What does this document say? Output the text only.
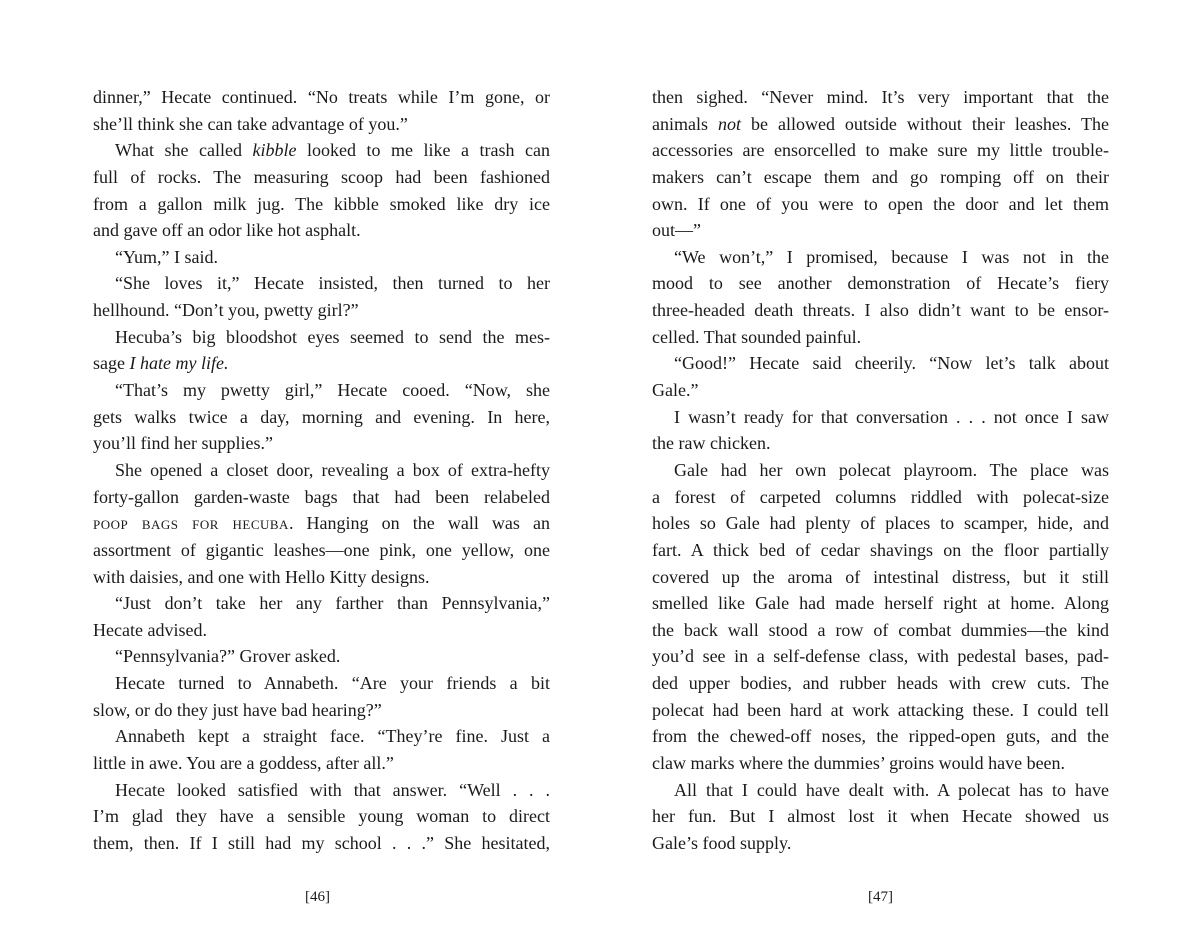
dinner,” Hecate continued. “No treats while I’m gone, or
she’ll think she can take advantage of you.”
What she called kibble looked to me like a trash can
full of rocks. The measuring scoop had been fashioned
from a gallon milk jug. The kibble smoked like dry ice
and gave off an odor like hot asphalt.
“Yum,” I said.
“She loves it,” Hecate insisted, then turned to her
hellhound. “Don’t you, pwetty girl?”
Hecuba’s big bloodshot eyes seemed to send the mes-
sage I hate my life.
“That’s my pwetty girl,” Hecate cooed. “Now, she
gets walks twice a day, morning and evening. In here,
you’ll find her supplies.”
She opened a closet door, revealing a box of extra-hefty
forty-gallon garden-waste bags that had been relabeled
poop bags for hecuba. Hanging on the wall was an
assortment of gigantic leashes—one pink, one yellow, one
with daisies, and one with Hello Kitty designs.
“Just don’t take her any farther than Pennsylvania,”
Hecate advised.
“Pennsylvania?” Grover asked.
Hecate turned to Annabeth. “Are your friends a bit
slow, or do they just have bad hearing?”
Annabeth kept a straight face. “They’re fine. Just a
little in awe. You are a goddess, after all.”
Hecate looked satisfied with that answer. “Well . . .
I’m glad they have a sensible young woman to direct
them, then. If I still had my school . . .” She hesitated,
then sighed. “Never mind. It’s very important that the
animals not be allowed outside without their leashes. The
accessories are ensorcelled to make sure my little trouble-
makers can’t escape them and go romping off on their
own. If one of you were to open the door and let them
out—”
“We won’t,” I promised, because I was not in the
mood to see another demonstration of Hecate’s fiery
three-headed death threats. I also didn’t want to be ensor-
celled. That sounded painful.
“Good!” Hecate said cheerily. “Now let’s talk about
Gale.”
I wasn’t ready for that conversation . . . not once I saw
the raw chicken.
Gale had her own polecat playroom. The place was
a forest of carpeted columns riddled with polecat-size
holes so Gale had plenty of places to scamper, hide, and
fart. A thick bed of cedar shavings on the floor partially
covered up the aroma of intestinal distress, but it still
smelled like Gale had made herself right at home. Along
the back wall stood a row of combat dummies—the kind
you’d see in a self-defense class, with pedestal bases, pad-
ded upper bodies, and rubber heads with crew cuts. The
polecat had been hard at work attacking these. I could tell
from the chewed-off noses, the ripped-open guts, and the
claw marks where the dummies’ groins would have been.
All that I could have dealt with. A polecat has to have
her fun. But I almost lost it when Hecate showed us
Gale’s food supply.
[46]	[47]
